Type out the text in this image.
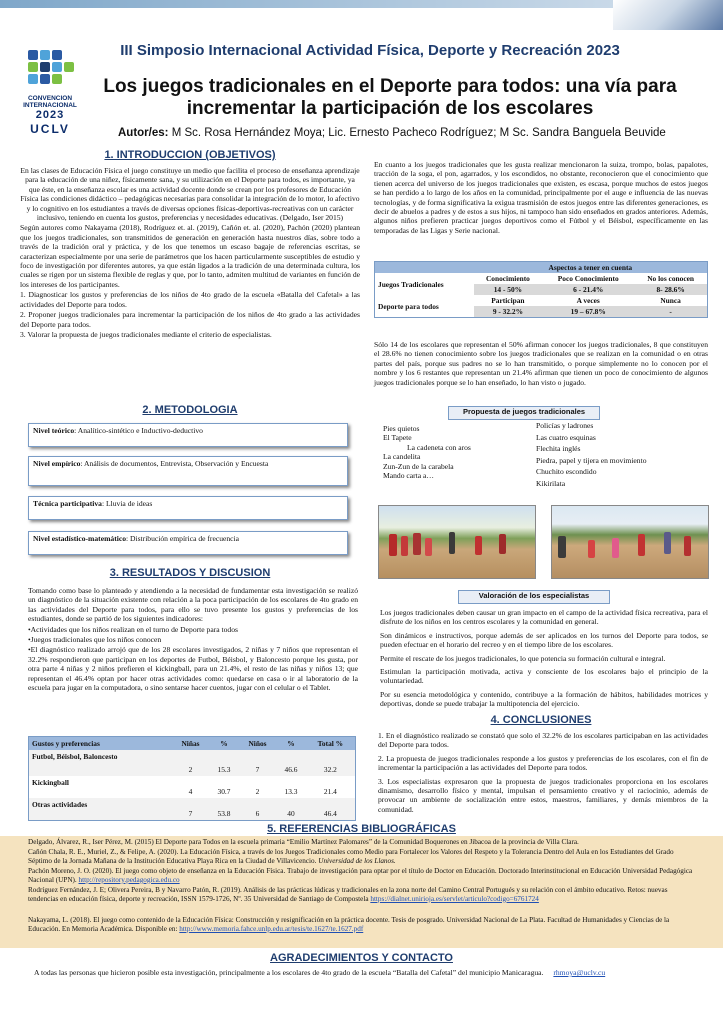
CONVENCION
INTERNACIONAL
2023
UCLV
III Simposio Internacional Actividad Física, Deporte y Recreación 2023
Los juegos tradicionales en el Deporte para todos: una vía para
incrementar la participación de los escolares
Autor/es: M Sc. Rosa Hernández Moya; Lic. Ernesto Pacheco Rodríguez; M Sc. Sandra Banguela Beuvide
1. INTRODUCCION (OBJETIVOS)

En las clases de Educación Física el juego constituye un medio que facilita el proceso de enseñanza aprendizaje para la educación de una niñez, físicamente sana, y su utilización en el Deporte para todos, es importante, ya que éste, en la enseñanza escolar es una actividad docente donde se crean por los profesores de Educación Física las condiciones didáctico – pedagógicas necesarias para consolidar la integración de lo motor, lo afectivo y lo cognitivo en los estudiantes a través de diversas opciones físicas-deportivas-recreativas con un carácter inclusivo, teniendo en cuenta los gustos, preferencias y necesidades educativas. (Delgado, Iser 2015)

Según autores como Nakayama (2018), Rodríguez et. al. (2019), Cañón et. al. (2020), Pachón (2020) plantean que los juegos tradicionales, son transmitidos de generación en generación hasta nuestros días, sobre todo a través de la tradición oral y práctica, y de los que tenemos un escaso bagaje de referencias escritas, se caracterizan especialmente por una serie de parámetros que los hacen particularmente susceptibles de estudio y foco de investigación por diferentes autores, ya que están ligados a la tradición de una determinada cultura, los cuales se rigen por un sistema flexible de reglas y que, por lo tanto, admiten multitud de variantes en función de los intereses de los participantes.

1. Diagnosticar los gustos y preferencias de los niños de 4to grado de la escuela «Batalla del Cafetal» a las actividades del Deporte para todos.

2. Proponer juegos tradicionales para incrementar la participación de los niños de 4to grado a las actividades del Deporte para todos.

3. Valorar la propuesta de juegos tradicionales mediante el criterio de especialistas.

2. METODOLOGIA
Nivel teórico: Analítico-sintético e Inductivo-deductivo
Nivel empírico: Análisis de documentos, Entrevista, Observación y Encuesta
Técnica participativa: Lluvia de ideas
Nivel estadístico-matemático: Distribución empírica de frecuencia
3. RESULTADOS Y DISCUSION

Tomando como base lo planteado y atendiendo a la necesidad de fundamentar esta investigación se realizó un diagnóstico de la situación existente con relación a la poca participación de los escolares de 4to grado en las actividades del Deporte para todos, para ello se tuvo presente los gustos y preferencias de los estudiantes, donde se partió de los siguientes indicadores:

•Actividades que los niños realizan en el turno de Deporte para todos

•Juegos tradicionales que los niños conocen

•El diagnóstico realizado arrojó que de los 28 escolares investigados, 2 niñas y 7 niños que representan el 32.2% respondieron que participan en los deportes de Futbol, Béisbol, y Baloncesto porque les gusta, por otra parte 4 niñas y 2 niños prefieren el kickingball, para un 21.4%, el resto de las niñas y niños 13; que representan el 46.4% optan por hacer otras actividades como: quedarse en casa o ir al laboratorio de la escuela para jugar en la computadora, o sino sentarse hacer cuentos, jugar con el celular o el Tablet.

Gustos y preferencias	Niñas	%	Niños	%	Total %
Futbol, Béisbol, Baloncesto	2	15.3	7	46.6	32.2
Kickingball	4	30.7	2	13.3	21.4
Otras actividades	7	53.8	6	40	46.4
En cuanto a los juegos tradicionales que les gusta realizar mencionaron la suiza, trompo, bolas, papalotes, tracción de la soga, el pon, agarrados, y los escondidos, no obstante, reconocieron que el conocimiento que tienen acerca del universo de los juegos tradicionales que existen, es escasa, porque muchos de estos juegos se han perdido a lo largo de los años en la comunidad, principalmente por el auge e influencia de las nuevas tecnologías, y de forma significativa la exigua trasmisión de estos juegos entre las diferentes generaciones, es decir de abuelos a padres y de estos a sus hijos, ni tampoco han sido enseñados en grados anteriores. Además, algunos niños prefieren practicar juegos deportivos como el Fútbol y el Béisbol, específicamente en las temporadas de las Ligas y Serie nacional.
	Aspectos a tener en cuenta		
Juegos Tradicionales	Conocimiento	Poco Conocimiento	No los conocen
	14 - 50%	6 - 21.4%	8- 28.6%
Deporte para todos	Participan	A veces	Nunca
	9 - 32.2%	19 – 67.8%	-
Sólo 14 de los escolares que representan el 50% afirman conocer los juegos tradicionales, 8 que constituyen el 28.6% no tienen conocimiento sobre los juegos tradicionales que se realizan en la comunidad o en otras partes del país, porque sus padres no se lo han transmitido, o porque simplemente no lo conocen por el nombre y los 6 restantes que representan un 21.4% afirman que tienen un poco de conocimiento de algunos juegos tradicionales porque se lo han enseñado, lo han visto o jugado.
Propuesta de juegos tradicionales
Pies quietos
El Tapete
La cadeneta con aros
La candelita
Zun-Zun de la carabela
Mando carta a…
Policías y ladrones
Las cuatro esquinas
Flechita inglés
Piedra, papel y tijera en movimiento
Chuchito escondido
Kikirilata
Valoración de los especialistas

Los juegos tradicionales deben causar un gran impacto en el campo de la actividad física recreativa, para el disfrute de los niños en los centros escolares y la comunidad en general.

Son dinámicos e instructivos, porque además de ser aplicados en los turnos del Deporte para todos, se pueden efectuar en el horario del recreo y en el tiempo libre de los escolares.

Permite el rescate de los juegos tradicionales, lo que potencia su formación cultural e integral.

Estimulan la participación motivada, activa y consciente de los escolares bajo el principio de la voluntariedad.

Por su esencia metodológica y contenido, contribuye a la formación de hábitos, habilidades motrices y deportivas, donde se puede trabajar la multipotencia del ejercicio.

4. CONCLUSIONES

1. En el diagnóstico realizado se constató que solo el 32.2% de los escolares participaban en las actividades del Deporte para todos.

2. La propuesta de juegos tradicionales responde a los gustos y preferencias de los escolares, con el fin de incrementar la participación a las actividades del Deporte para todos.

3. Los especialistas expresaron que la propuesta de juegos tradicionales proporciona en los escolares dinamismo, desarrollo físico y mental, impulsan el pensamiento creativo y el raciocinio, además de provocar un ambiente de socialización entre estos, maestros, familiares, y demás miembros de la comunidad.

5. REFERENCIAS BIBLIOGRÁFICAS
Delgado, Álvarez, R., Iser Pérez, M. (2015) El Deporte para Todos en la escuela primaria “Emilio Martínez Palomares” de la Comunidad Boquerones en Jibacoa de la provincia de Villa Clara.
Cañón Chala, R. E., Muriel, Z., & Felipe, A. (2020). La Educación Física, a través de los Juegos Tradicionales como Medio para Fortalecer los Valores del Respeto y la Tolerancia Dentro del Aula en los Estudiantes del Grado Séptimo de la Jornada Mañana de la Institución Educativa Playa Rica en la Ciudad de Villavicencio. Universidad de los Llanos.
Pachón Moreno, J. O. (2020). El juego como objeto de enseñanza en la Educación Física. Trabajo de investigación para optar por el título de Doctor en Educación. Doctorado Interinstitucional en Educación Universidad Pedagógica Nacional (UPN). http://repository.pedagogica.edu.co
Rodríguez Fernández, J. E; Olivera Pereira, B y Navarro Patón, R. (2019). Análisis de las prácticas lúdicas y tradicionales en la zona norte del Camino Central Portugués y su relación con el ámbito educativo. Retos: nuevas tendencias en educación física, deporte y recreación, ISSN 1579-1726, Nº. 35 Universidad de Santiago de Compostela https://dialnet.unirioja.es/servlet/articulo?codigo=6761724
Nakayama, L. (2018). El juego como contenido de la Educación Física: Construcción y resignificación en la práctica docente. Tesis de posgrado. Universidad Nacional de La Plata. Facultad de Humanidades y Ciencias de la Educación. En Memoria Académica. Disponible en: http://www.memoria.fahce.unlp.edu.ar/tesis/te.1627/te.1627.pdf
AGRADECIMIENTOS Y CONTACTO
A todas las personas que hicieron posible esta investigación, principalmente a los escolares de 4to grado de la escuela “Batalla del Cafetal” del municipio Manicaragua. rhmoya@uclv.cu
